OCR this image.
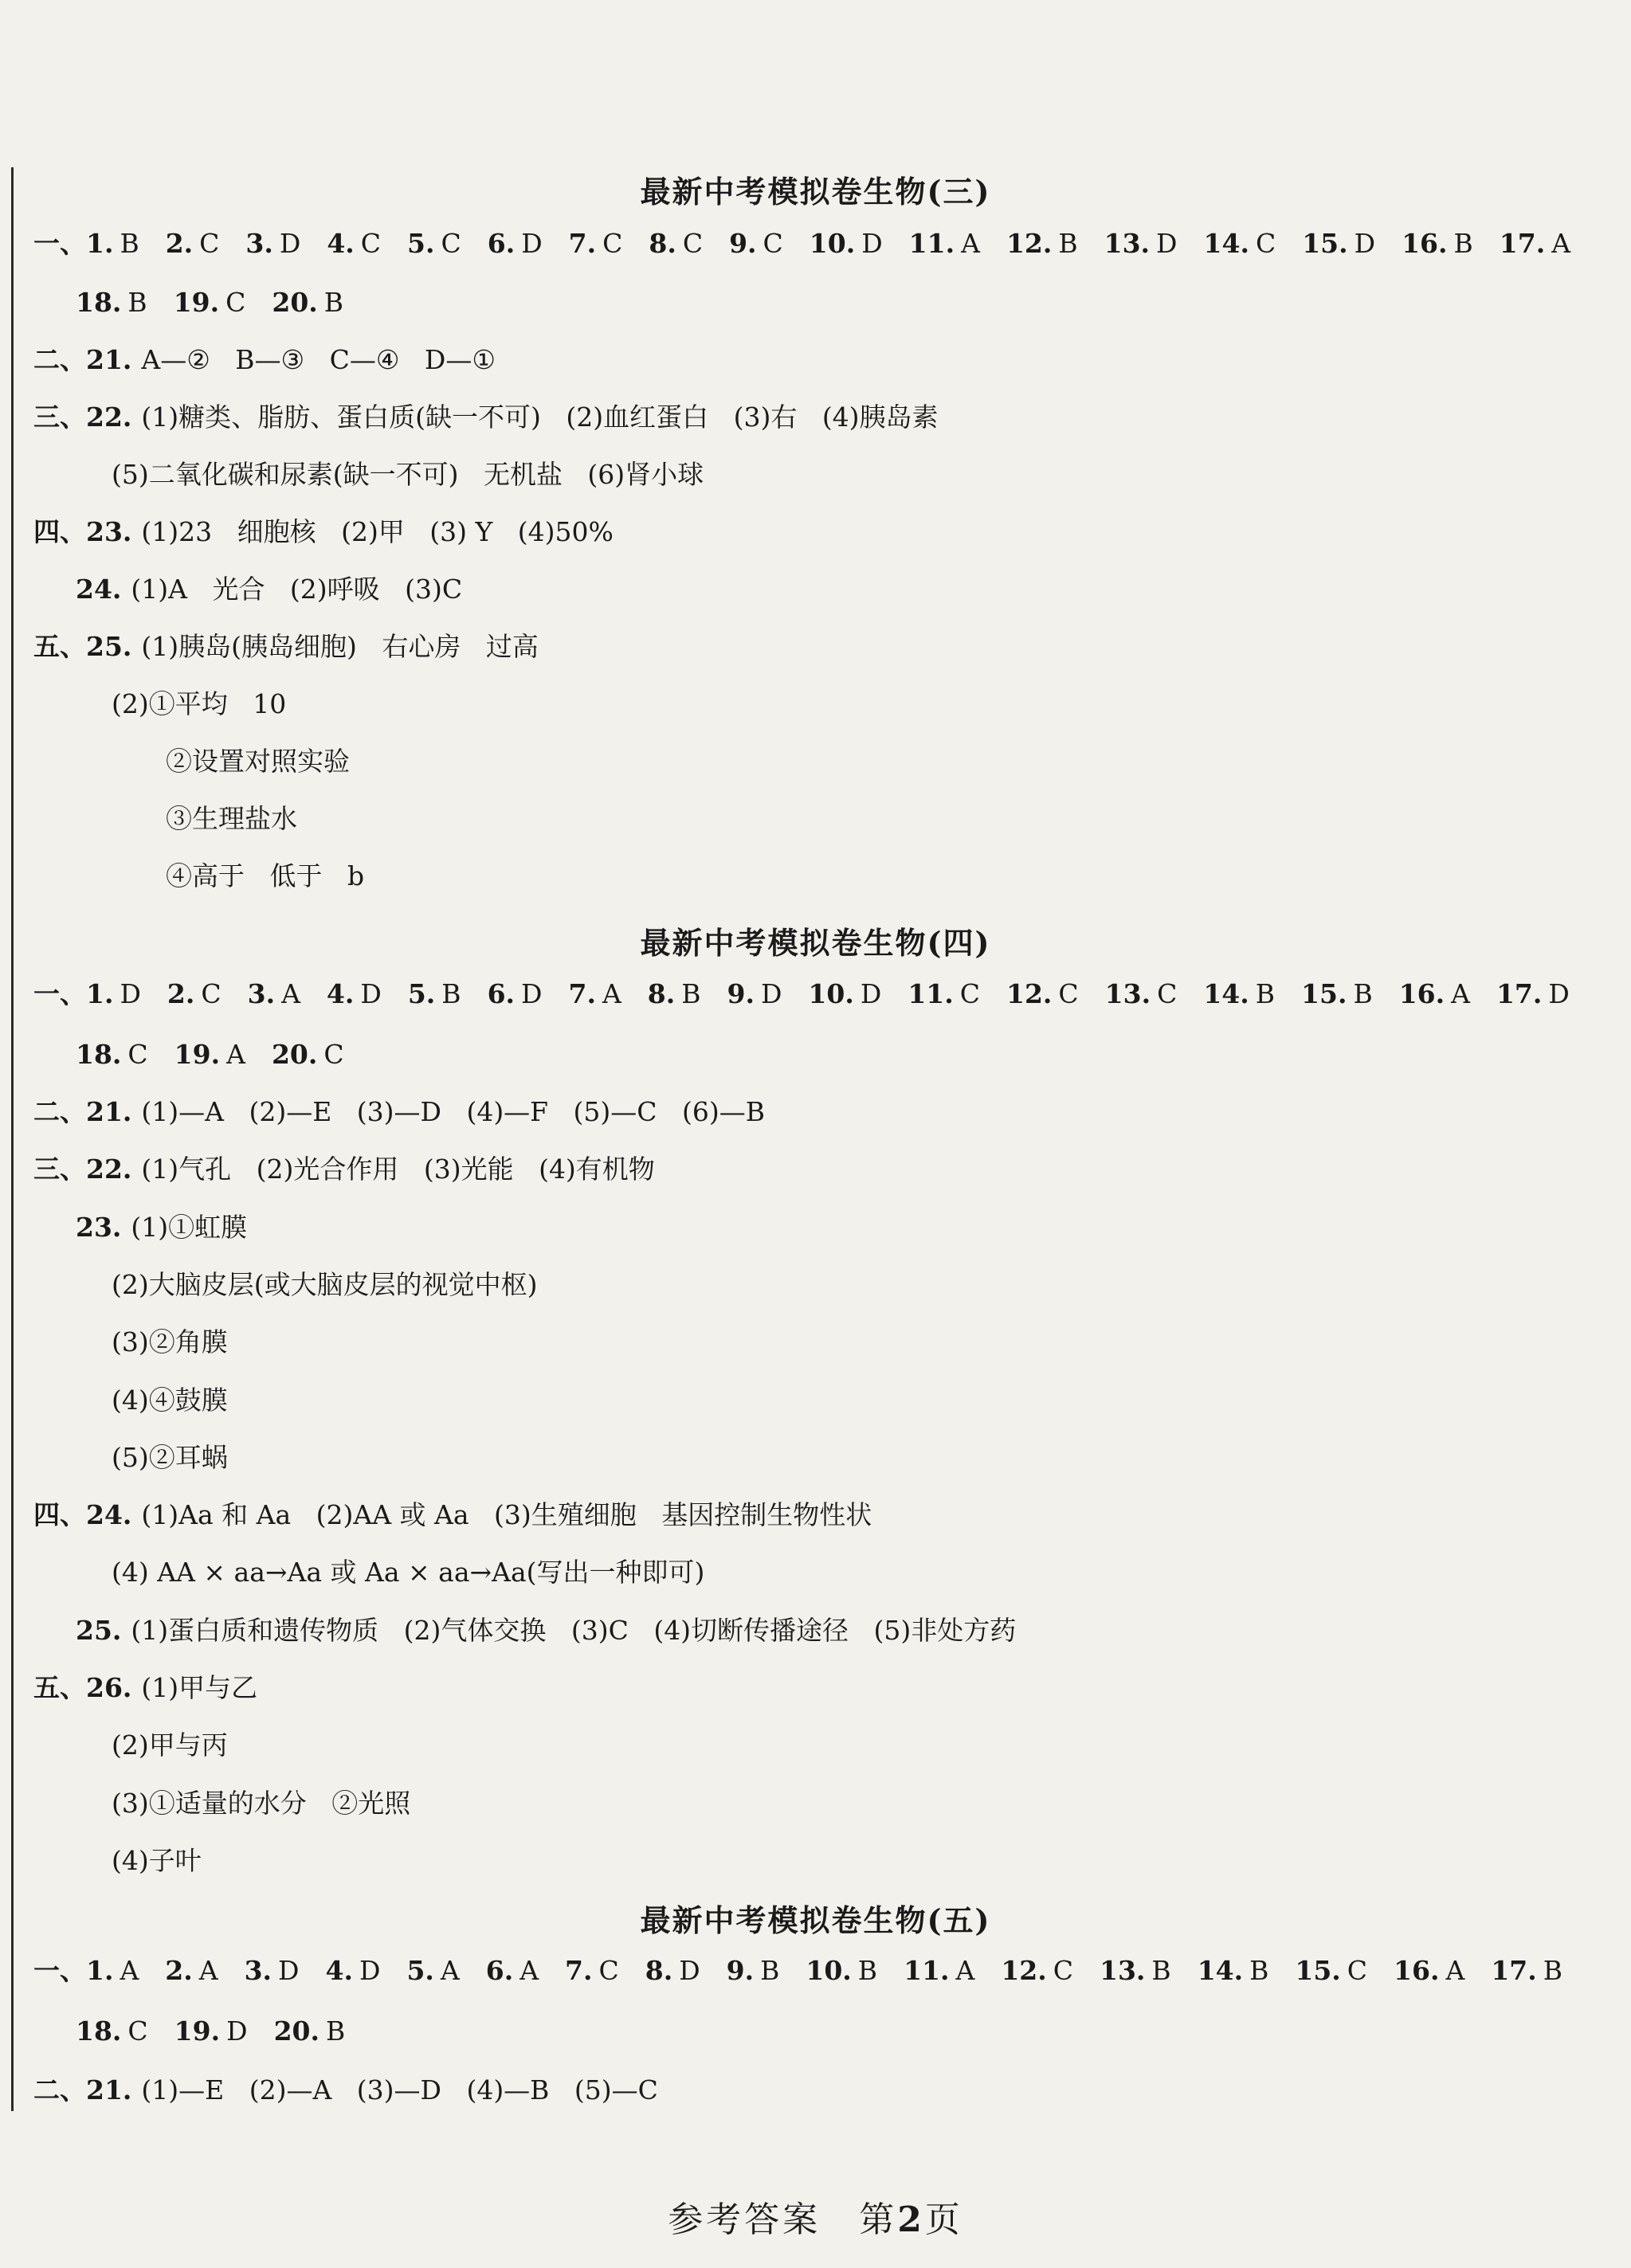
最新中考模拟卷生物(三)
一、 1. B 2. C 3. D 4. C 5. C 6. D 7. C 8. C 9. C 10. D 11. A 12. B 13. D 14. C 15. D 16. B 17. A
18. B 19. C 20. B
最新中考模拟卷生物(四)
一、 1. D 2. C 3. A 4. D 5. B 6. D 7. A 8. B 9. D 10. D 11. C 12. C 13. C 14. B 15. B 16. A 17. D
18. C 19. A 20. C
最新中考模拟卷生物(五)
一、 1. A 2. A 3. D 4. D 5. A 6. A 7. C 8. D 9. B 10. B 11. A 12. C 13. B 14. B 15. C 16. A 17. B
18. C 19. D 20. B
参考答案 第2页
二、 21. A—②   B—③   C—④   D—①
三、 22. (1)糖类、脂肪、蛋白质(缺一不可)   (2)血红蛋白   (3)右   (4)胰岛素
(5)二氧化碳和尿素(缺一不可)   无机盐   (6)肾小球
四、 23. (1)23   细胞核   (2)甲   (3) Y   (4)50%
24. (1)A   光合   (2)呼吸   (3)C
五、 25. (1)胰岛(胰岛细胞)   右心房   过高
(2)①平均   10
②设置对照实验
③生理盐水
④高于   低于   b
二、 21. (1)—A   (2)—E   (3)—D   (4)—F   (5)—C   (6)—B
三、 22. (1)气孔   (2)光合作用   (3)光能   (4)有机物
23. (1)①虹膜
(2)大脑皮层(或大脑皮层的视觉中枢)
(3)②角膜
(4)④鼓膜
(5)②耳蜗
四、 24. (1)Aa 和 Aa   (2)AA 或 Aa   (3)生殖细胞   基因控制生物性状
(4) AA × aa→Aa 或 Aa × aa→Aa(写出一种即可)
25. (1)蛋白质和遗传物质   (2)气体交换   (3)C   (4)切断传播途径   (5)非处方药
五、 26. (1)甲与乙
(2)甲与丙
(3)①适量的水分   ②光照
(4)子叶
二、 21. (1)—E   (2)—A   (3)—D   (4)—B   (5)—C
